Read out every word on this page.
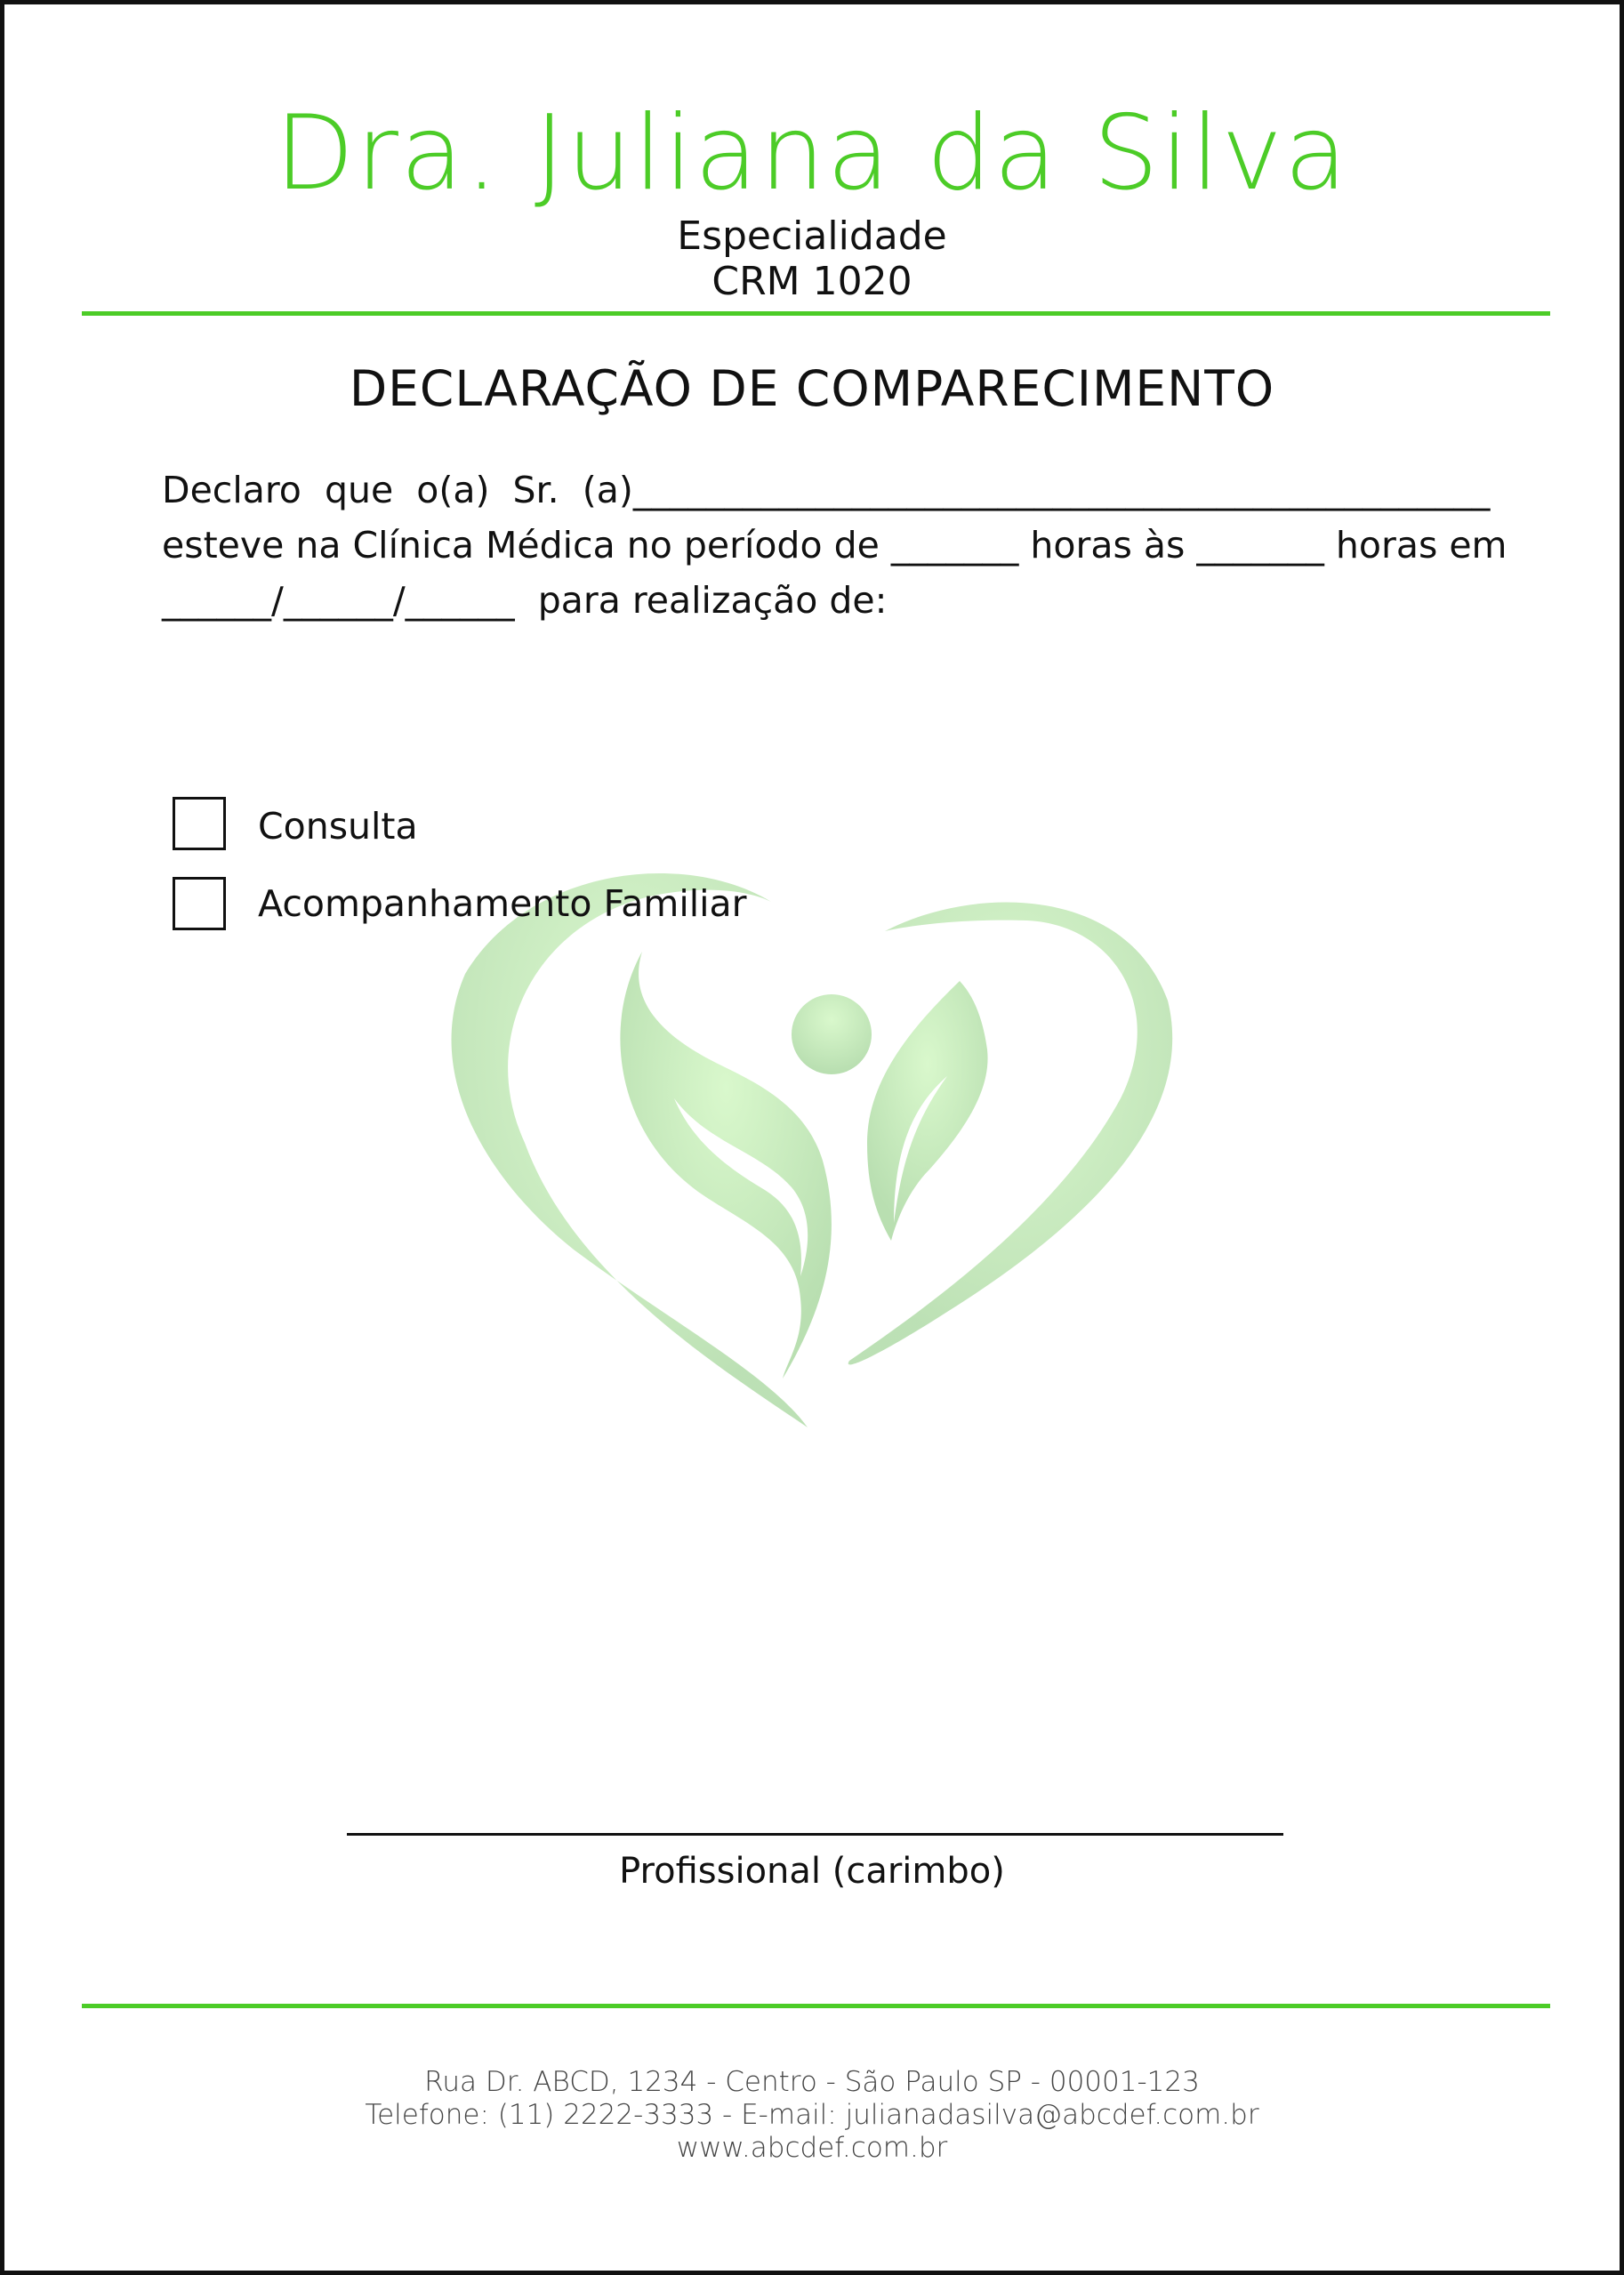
Dra. Juliana da Silva
Especialidade
CRM 1020
DECLARAÇÃO DE COMPARECIMENTO
Declaro  que  o(a)  Sr.  (a)_______________________________________________
esteve na Clínica Médica no período de _______ horas às _______ horas em
______/______/______  para realização de:
Consulta
Acompanhamento Familiar
Profissional (carimbo)
Rua Dr. ABCD, 1234 - Centro - São Paulo SP - 00001-123
Telefone: (11) 2222-3333 - E-mail: julianadasilva@abcdef.com.br
www.abcdef.com.br
